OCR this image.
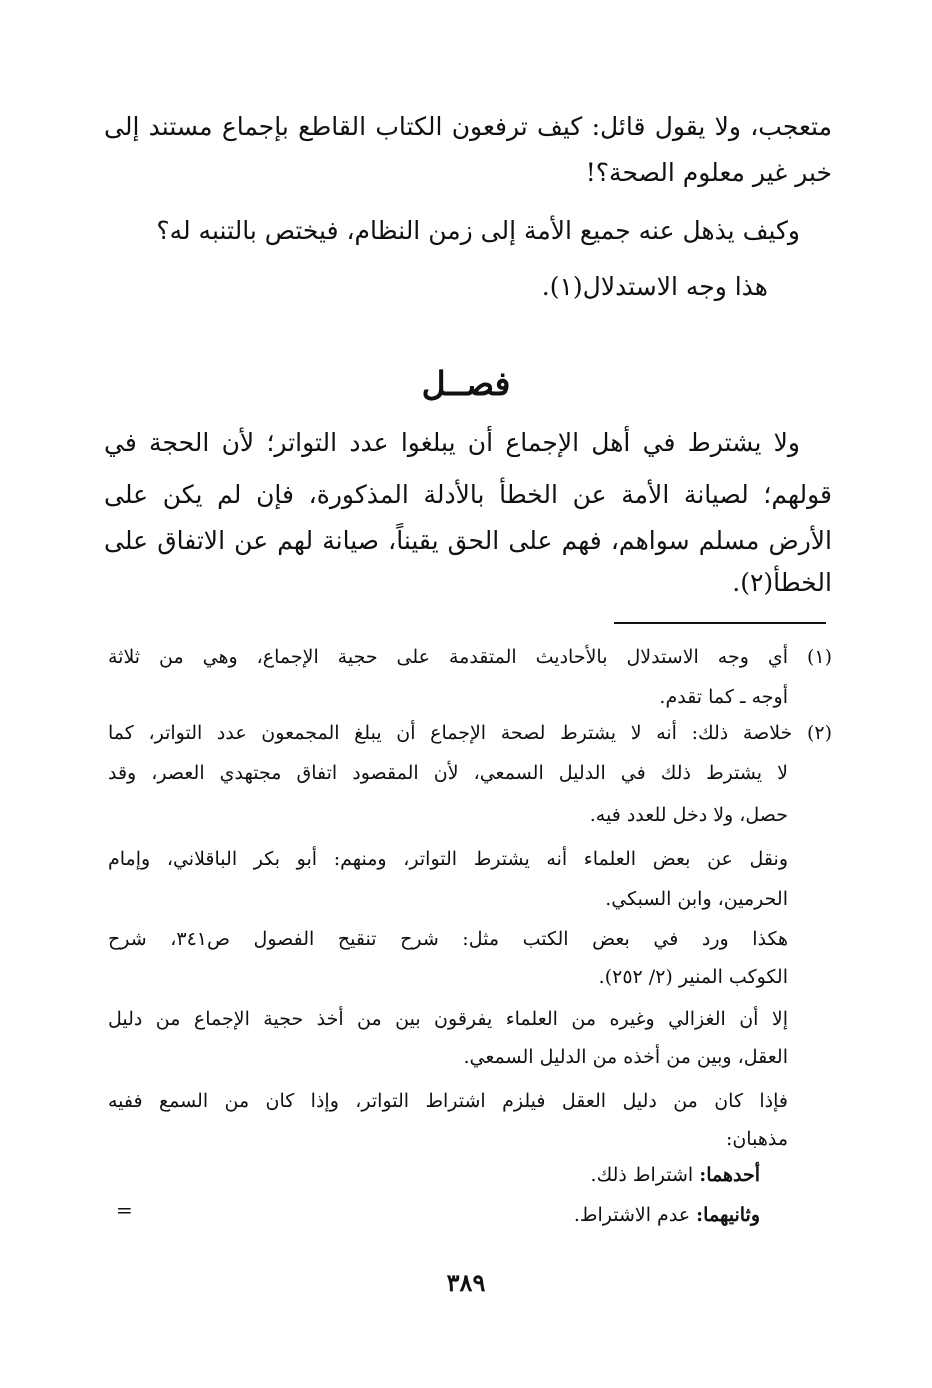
متعجب، ولا يقول قائل: كيف ترفعون الكتاب القاطع بإجماع مستند إلى
خبر غير معلوم الصحة؟!
وكيف يذهل عنه جميع الأمة إلى زمن النظام، فيختص بالتنبه له؟
هذا وجه الاستدلال(١).
فصــل
ولا يشترط في أهل الإجماع أن يبلغوا عدد التواتر؛ لأن الحجة في
قولهم؛ لصيانة الأمة عن الخطأ بالأدلة المذكورة، فإن لم يكن على
الأرض مسلم سواهم، فهم على الحق يقيناً، صيانة لهم عن الاتفاق على
الخطأ(٢).
(١) أي وجه الاستدلال بالأحاديث المتقدمة على حجية الإجماع، وهي من ثلاثة
أوجه ـ كما تقدم.
(٢) خلاصة ذلك: أنه لا يشترط لصحة الإجماع أن يبلغ المجمعون عدد التواتر، كما
لا يشترط ذلك في الدليل السمعي، لأن المقصود اتفاق مجتهدي العصر، وقد
حصل، ولا دخل للعدد فيه.
ونقل عن بعض العلماء أنه يشترط التواتر، ومنهم: أبو بكر الباقلاني، وإمام
الحرمين، وابن السبكي.
هكذا ورد في بعض الكتب مثل: شرح تنقيح الفصول ص٣٤١، شرح
الكوكب المنير (٢/ ٢٥٢).
إلا أن الغزالي وغيره من العلماء يفرقون بين من أخذ حجية الإجماع من دليل
العقل، وبين من أخذه من الدليل السمعي.
فإذا كان من دليل العقل فيلزم اشتراط التواتر، وإذا كان من السمع ففيه
مذهبان:
أحدهما: اشتراط ذلك.
وثانيهما: عدم الاشتراط.
=
٣٨٩
